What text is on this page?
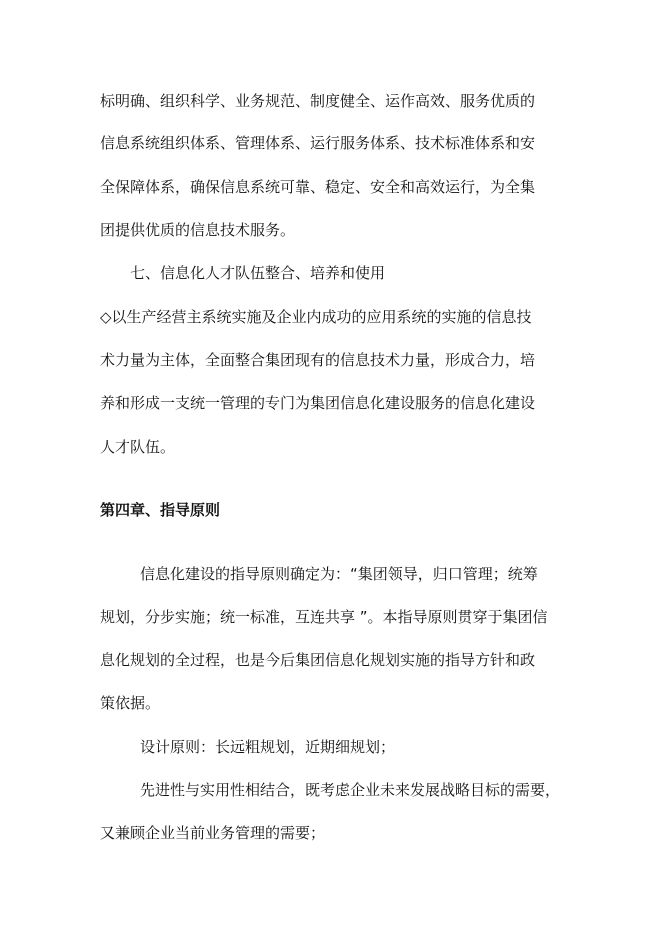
标明确、组织科学、业务规范、制度健全、运作高效、服务优质的
信息系统组织体系、管理体系、运行服务体系、技术标准体系和安
全保障体系，确保信息系统可靠、稳定、安全和高效运行，为全集
团提供优质的信息技术服务。
七、信息化人才队伍整合、培养和使用
◇以生产经营主系统实施及企业内成功的应用系统的实施的信息技
术力量为主体，全面整合集团现有的信息技术力量，形成合力，培
养和形成一支统一管理的专门为集团信息化建设服务的信息化建设
人才队伍。
第四章、指导原则
信息化建设的指导原则确定为：“集团领导，归口管理；统筹
规划，分步实施；统一标准，互连共享 ”。本指导原则贯穿于集团信
息化规划的全过程，也是今后集团信息化规划实施的指导方针和政
策依据。
设计原则：长远粗规划，近期细规划；
先进性与实用性相结合，既考虑企业未来发展战略目标的需要，
又兼顾企业当前业务管理的需要；
